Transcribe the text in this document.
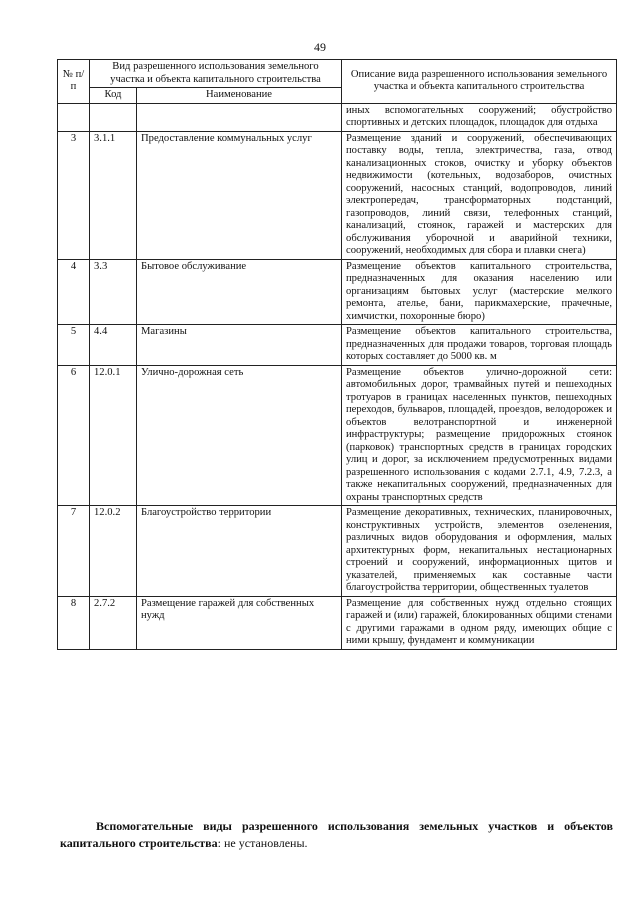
49
№ п/п	Вид разрешенного использования земельного участка и объекта капитального строительства		Описание вида разрешенного использования земельного участка и объекта капитального строительства
	Код	Наименование	
			иных вспомогательных сооружений; обустройство спортивных и детских площадок, площадок для отдыха
3	3.1.1	Предоставление коммунальных услуг	Размещение зданий и сооружений, обеспечивающих поставку воды, тепла, электричества, газа, отвод канализационных стоков, очистку и уборку объектов недвижимости (котельных, водозаборов, очистных сооружений, насосных станций, водопроводов, линий электропередач, трансформаторных подстанций, газопроводов, линий связи, телефонных станций, канализаций, стоянок, гаражей и мастерских для обслуживания уборочной и аварийной техники, сооружений, необходимых для сбора и плавки снега)
4	3.3	Бытовое обслуживание	Размещение объектов капитального строительства, предназначенных для оказания населению или организациям бытовых услуг (мастерские мелкого ремонта, ателье, бани, парикмахерские, прачечные, химчистки, похоронные бюро)
5	4.4	Магазины	Размещение объектов капитального строительства, предназначенных для продажи товаров, торговая площадь которых составляет до 5000 кв. м
6	12.0.1	Улично-дорожная сеть	Размещение объектов улично-дорожной сети: автомобильных дорог, трамвайных путей и пешеходных тротуаров в границах населенных пунктов, пешеходных переходов, бульваров, площадей, проездов, велодорожек и объектов велотранспортной и инженерной инфраструктуры; размещение придорожных стоянок (парковок) транспортных средств в границах городских улиц и дорог, за исключением предусмотренных видами разрешенного использования с кодами 2.7.1, 4.9, 7.2.3, а также некапитальных сооружений, предназначенных для охраны транспортных средств
7	12.0.2	Благоустройство территории	Размещение декоративных, технических, планировочных, конструктивных устройств, элементов озеленения, различных видов оборудования и оформления, малых архитектурных форм, некапитальных нестационарных строений и сооружений, информационных щитов и указателей, применяемых как составные части благоустройства территории, общественных туалетов
8	2.7.2	Размещение гаражей для собственных нужд	Размещение для собственных нужд отдельно стоящих гаражей и (или) гаражей, блокированных общими стенами с другими гаражами в одном ряду, имеющих общие с ними крышу, фундамент и коммуникации

Вспомогательные виды разрешенного использования земельных участков и объектов капитального строительства: не установлены.
